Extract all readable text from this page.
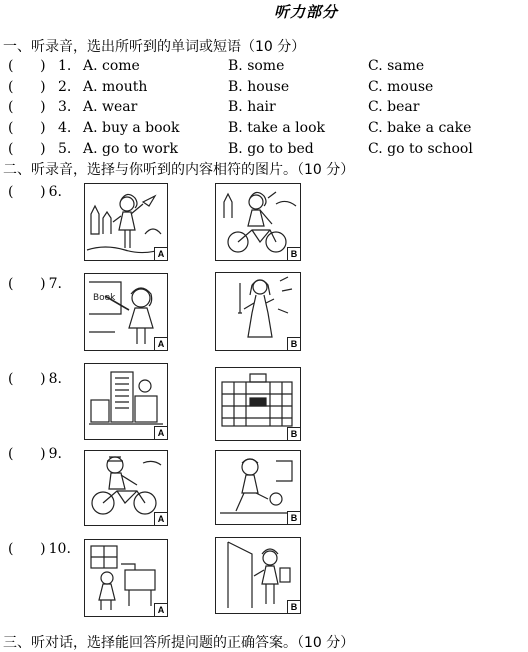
听力部分
一、听录音，选出所听到的单词或短语（10 分）
(      ) 1. A. come	B. some	C. same
(      ) 2. A. mouth	B. house	C. mouse
(      ) 3. A. wear	B. hair	C. bear
(      ) 4. A. buy a book	B. take a look	C. bake a cake
(      ) 5. A. go to work	B. go to bed	C. go to school
二、听录音，选择与你听到的内容相符的图片。（10 分）
(      ) 6.
A	B
(      ) 7.
Book
A	B
(      ) 8.
A	B
(      ) 9.
A	B
(      ) 10.
A	B
三、听对话，选择能回答所提问题的正确答案。（10 分）
